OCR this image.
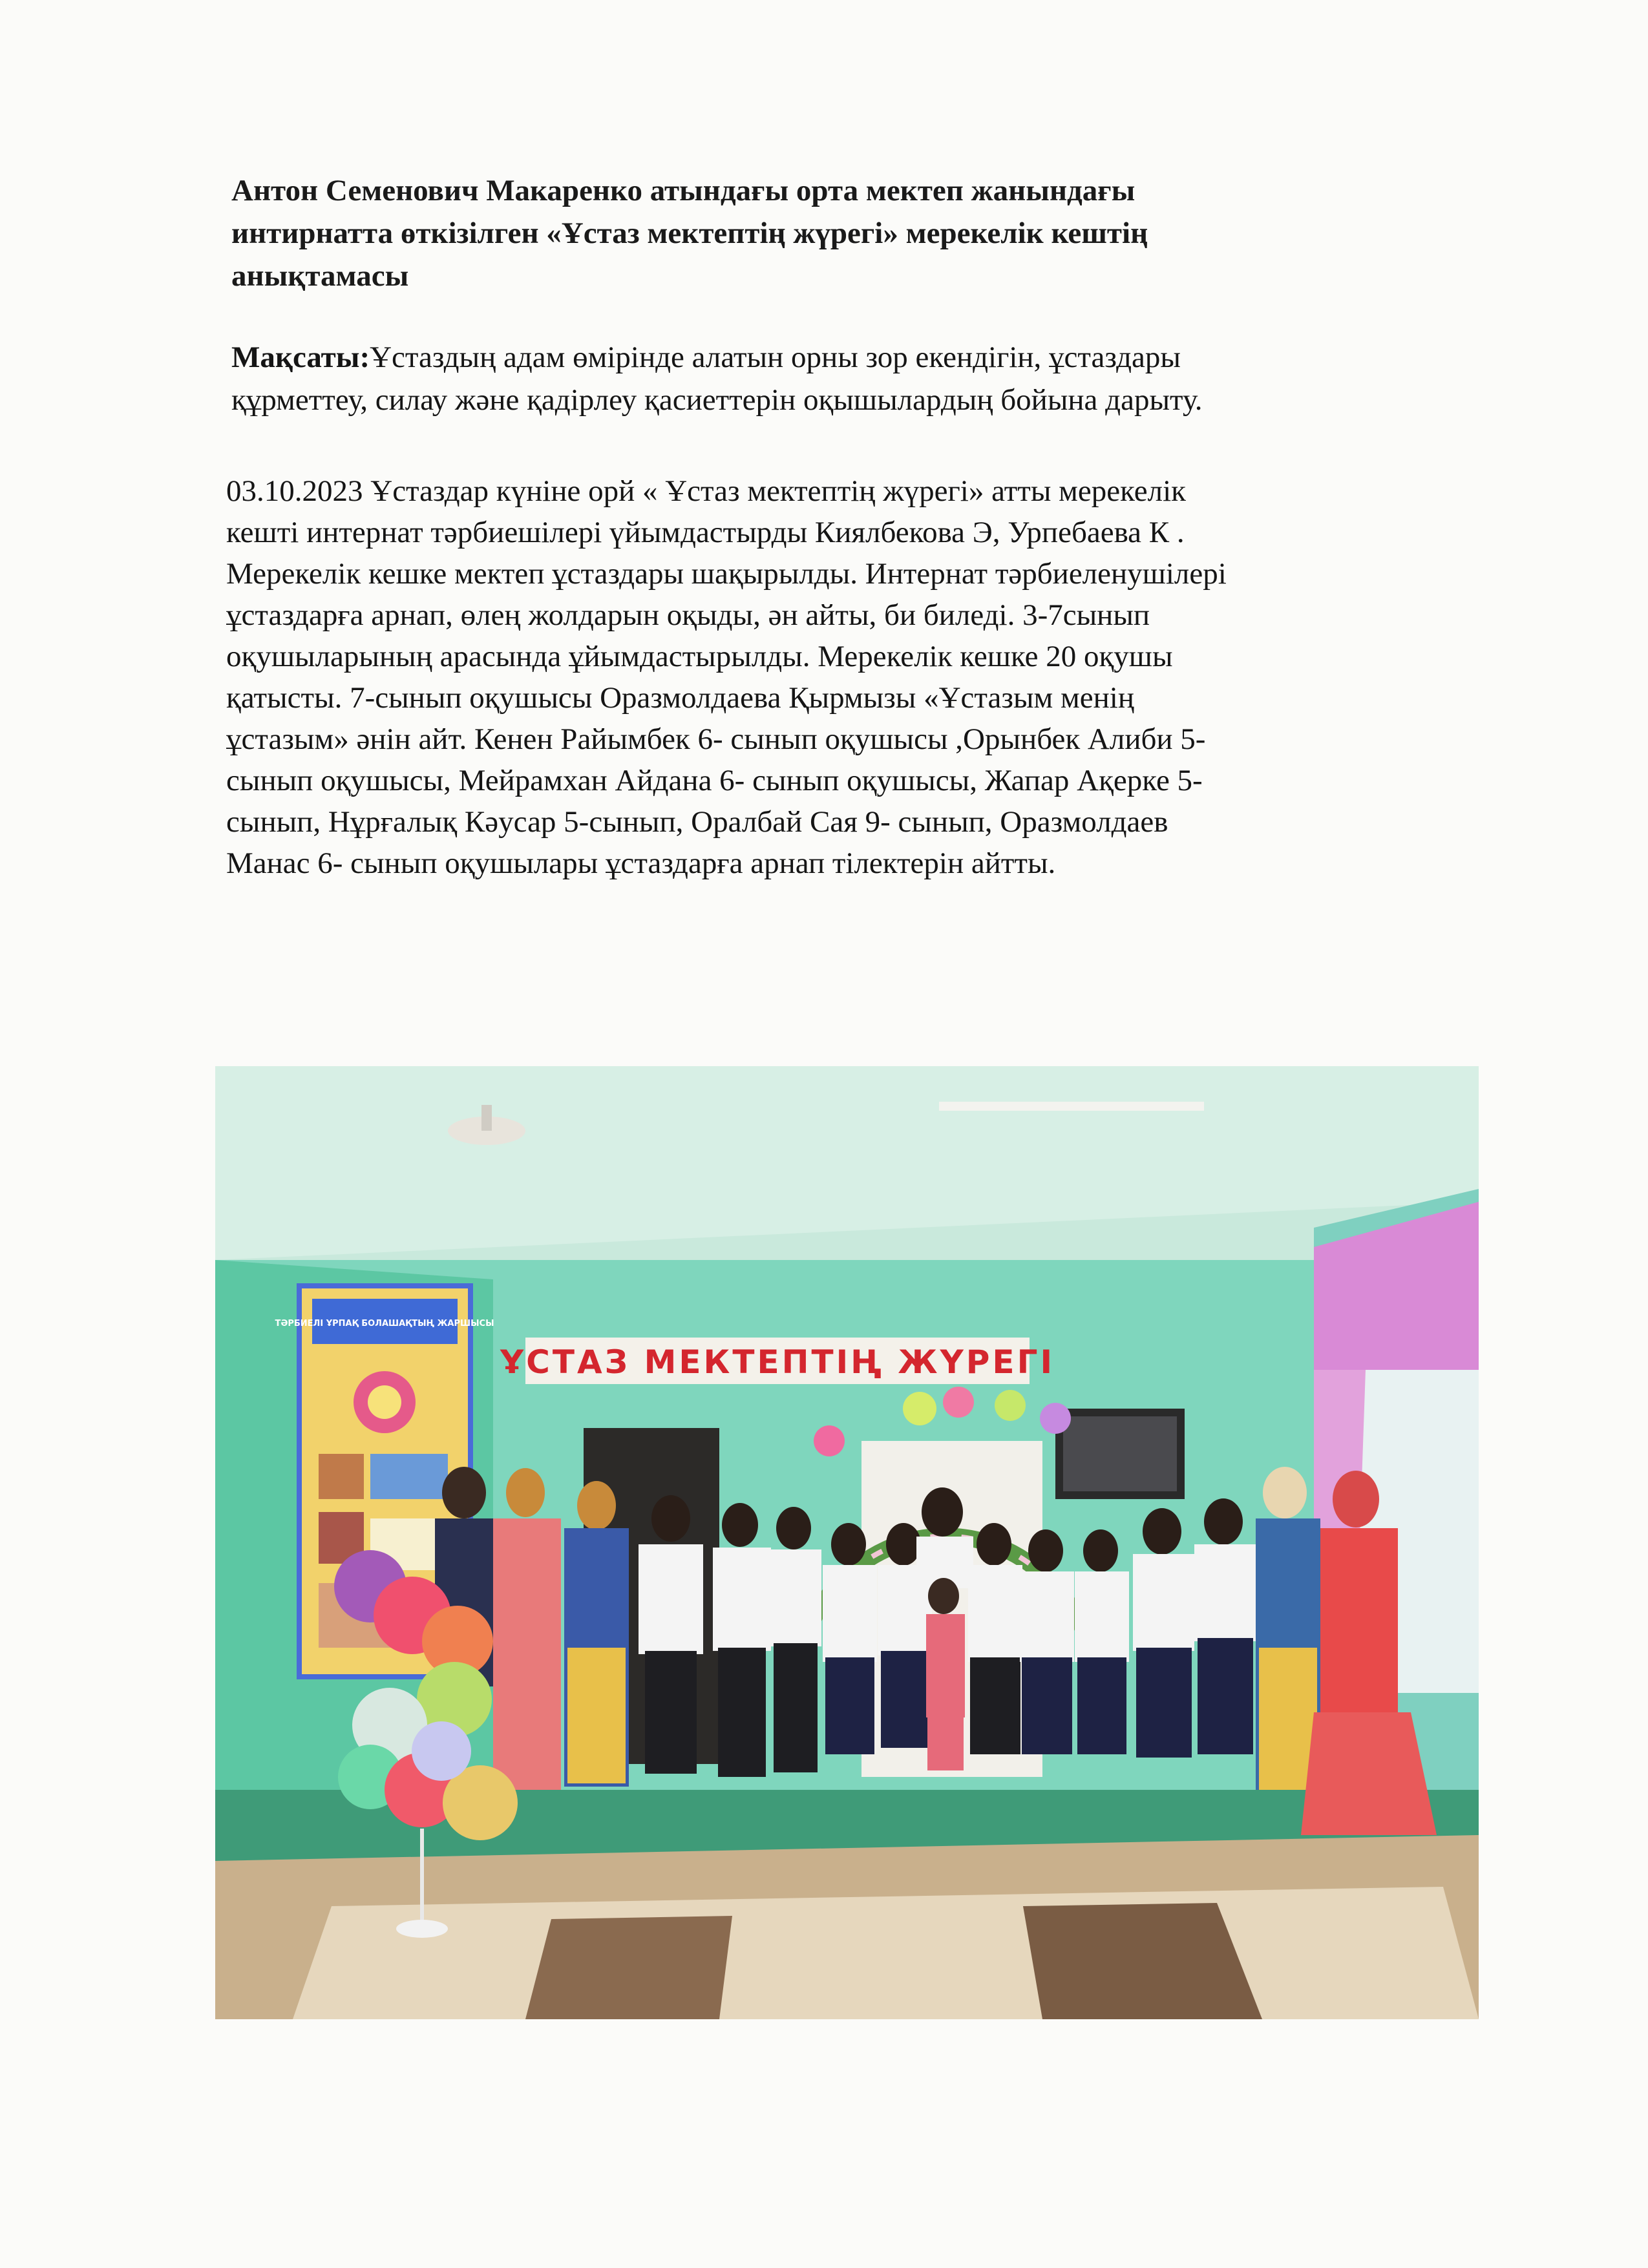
Антон Семенович Макаренко атындағы орта мектеп жанындағы
интирнатта өткізілген «Ұстаз мектептің жүрегі» мерекелік кештің
анықтамасы
Мақсаты:Ұстаздың адам өмірінде алатын орны зор екендігін, ұстаздары
құрметтеу, силау және қадірлеу қасиеттерін оқышылардың бойына дарыту.
03.10.2023 Ұстаздар күніне орй « Ұстаз мектептің жүрегі» атты мерекелік
кешті интернат тәрбиешілері үйымдастырды Киялбекова Э, Урпебаева К .
Мерекелік кешке мектеп ұстаздары шақырылды. Интернат тәрбиеленушілері
ұстаздарға арнап, өлең жолдарын оқыды, ән айты, би биледі. 3-7сынып
оқушыларының арасында ұйымдастырылды. Мерекелік кешке 20 оқушы
қатысты. 7-сынып оқушысы Оразмолдаева Қырмызы «Ұстазым менің
ұстазым» әнін айт. Кенен Райымбек 6- сынып оқушысы ,Орынбек Алиби 5-
сынып оқушысы, Мейрамхан Айдана 6- сынып оқушысы, Жапар Ақерке 5-
сынып, Нұрғалық Кәусар 5-сынып, Оралбай Сая 9- сынып, Оразмолдаев
Манас 6- сынып оқушылары ұстаздарға арнап тілектерін айтты.
ТӘРБИЕЛІ ҰРПАҚ БОЛАШАҚТЫҢ ЖАРШЫСЫ
ҰСТАЗ МЕКТЕПТІҢ ЖҮРЕГІ
